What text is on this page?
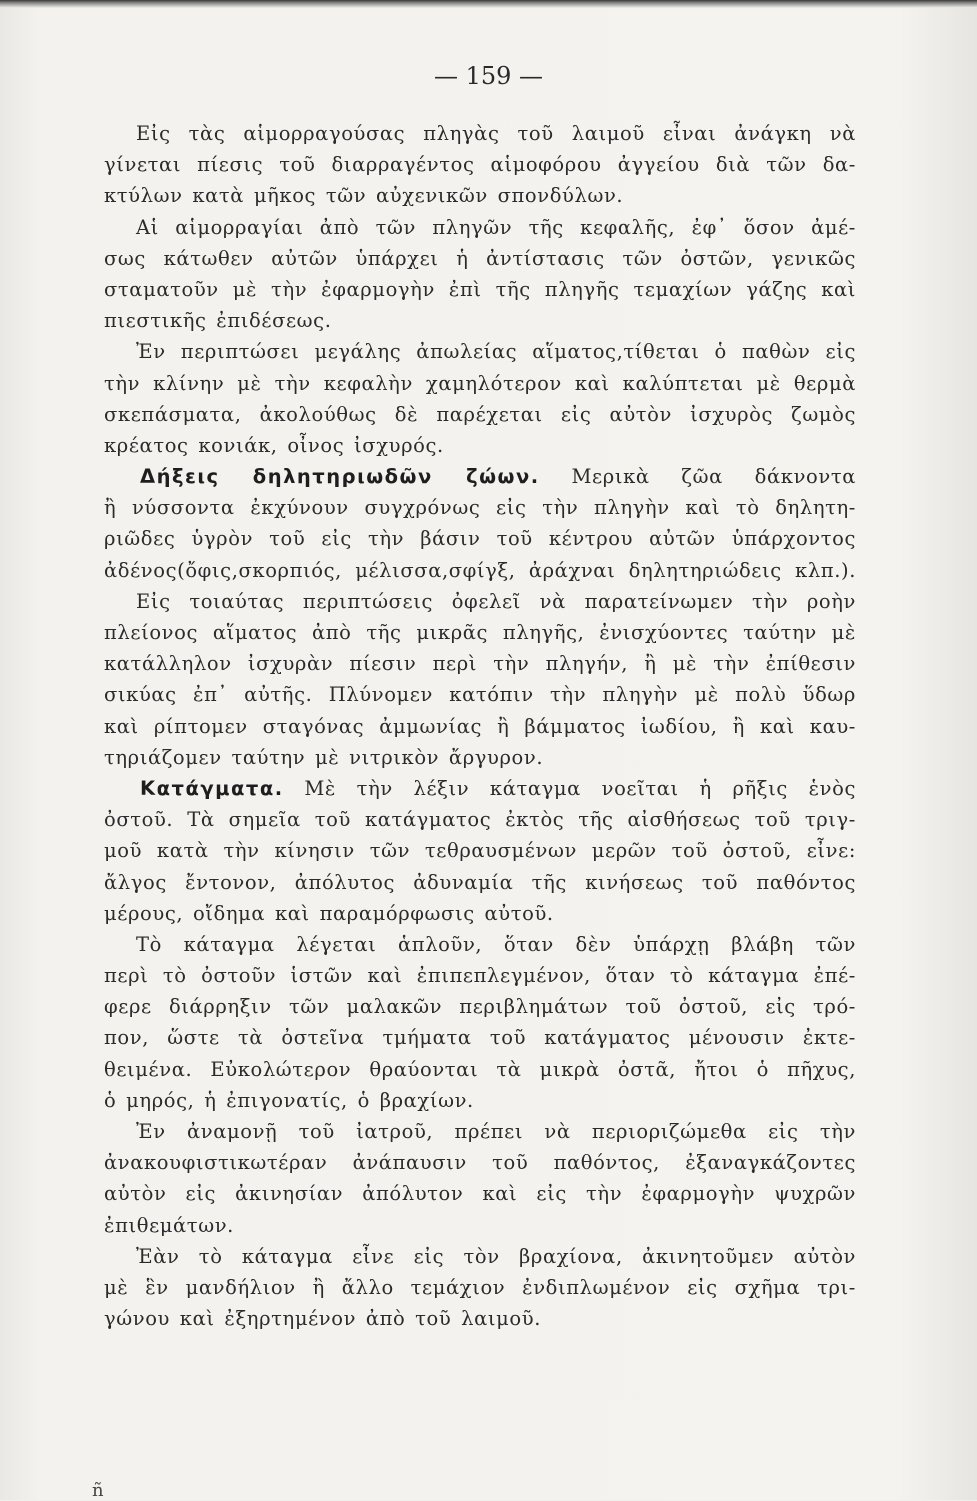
— 159 —
Εἰς τὰς αἱμορραγούσας πληγὰς τοῦ λαιμοῦ εἶναι ἀνάγκη νὰ
γίνεται πίεσις τοῦ διαρραγέντος αἱμοφόρου ἀγγείου διὰ τῶν δα-
κτύλων κατὰ μῆκος τῶν αὐχενικῶν σπονδύλων.
Αἱ αἱμορραγίαι ἀπὸ τῶν πληγῶν τῆς κεφαλῆς, ἐφ᾽ ὅσον ἀμέ-
σως κάτωθεν αὐτῶν ὑπάρχει ἡ ἀντίστασις τῶν ὀστῶν, γενικῶς
σταματοῦν μὲ τὴν ἐφαρμογὴν ἐπὶ τῆς πληγῆς τεμαχίων γάζης καὶ
πιεστικῆς ἐπιδέσεως.
Ἐν περιπτώσει μεγάλης ἀπωλείας αἵματος,τίθεται ὁ παθὼν εἰς
τὴν κλίνην μὲ τὴν κεφαλὴν χαμηλότερον καὶ καλύπτεται μὲ θερμὰ
σκεπάσματα, ἀκολούθως δὲ παρέχεται εἰς αὐτὸν ἰσχυρὸς ζωμὸς
κρέατος κονιάκ, οἶνος ἰσχυρός.
Δήξεις δηλητηριωδῶν ζώων. Μερικὰ ζῶα δάκνοντα
ἢ νύσσοντα ἐκχύνουν συγχρόνως εἰς τὴν πληγὴν καὶ τὸ δηλητη-
ριῶδες ὑγρὸν τοῦ εἰς τὴν βάσιν τοῦ κέντρου αὐτῶν ὑπάρχοντος
ἀδένος(ὄφις,σκορπιός, μέλισσα,σφίγξ, ἀράχναι δηλητηριώδεις κλπ.).
Εἰς τοιαύτας περιπτώσεις ὀφελεῖ νὰ παρατείνωμεν τὴν ροὴν
πλείονος αἵματος ἀπὸ τῆς μικρᾶς πληγῆς, ἐνισχύοντες ταύτην μὲ
κατάλληλον ἰσχυρὰν πίεσιν περὶ τὴν πληγήν, ἢ μὲ τὴν ἐπίθεσιν
σικύας ἐπ᾽ αὐτῆς. Πλύνομεν κατόπιν τὴν πληγὴν μὲ πολὺ ὕδωρ
καὶ ρίπτομεν σταγόνας ἀμμωνίας ἢ βάμματος ἰωδίου, ἢ καὶ καυ-
τηριάζομεν ταύτην μὲ νιτρικὸν ἄργυρον.
Κατάγματα. Μὲ τὴν λέξιν κάταγμα νοεῖται ἡ ρῆξις ἑνὸς
ὀστοῦ. Τὰ σημεῖα τοῦ κατάγματος ἐκτὸς τῆς αἰσθήσεως τοῦ τριγ-
μοῦ κατὰ τὴν κίνησιν τῶν τεθραυσμένων μερῶν τοῦ ὀστοῦ, εἶνε:
ἄλγος ἔντονον, ἀπόλυτος ἀδυναμία τῆς κινήσεως τοῦ παθόντος
μέρους, οἴδημα καὶ παραμόρφωσις αὐτοῦ.
Τὸ κάταγμα λέγεται ἁπλοῦν, ὅταν δὲν ὑπάρχῃ βλάβη τῶν
περὶ τὸ ὀστοῦν ἱστῶν καὶ ἐπιπεπλεγμένον, ὅταν τὸ κάταγμα ἐπέ-
φερε διάρρηξιν τῶν μαλακῶν περιβλημάτων τοῦ ὀστοῦ, εἰς τρό-
πον, ὥστε τὰ ὀστεῖνα τμήματα τοῦ κατάγματος μένουσιν ἐκτε-
θειμένα. Εὐκολώτερον θραύονται τὰ μικρὰ ὀστᾶ, ἤτοι ὁ πῆχυς,
ὁ μηρός, ἡ ἐπιγονατίς, ὁ βραχίων.
Ἐν ἀναμονῇ τοῦ ἰατροῦ, πρέπει νὰ περιοριζώμεθα εἰς τὴν
ἀνακουφιστικωτέραν ἀνάπαυσιν τοῦ παθόντος, ἐξαναγκάζοντες
αὐτὸν εἰς ἀκινησίαν ἀπόλυτον καὶ εἰς τὴν ἐφαρμογὴν ψυχρῶν
ἐπιθεμάτων.
Ἐὰν τὸ κάταγμα εἶνε εἰς τὸν βραχίονα, ἀκινητοῦμεν αὐτὸν
μὲ ἓν μανδήλιον ἢ ἄλλο τεμάχιον ἐνδιπλωμένον εἰς σχῆμα τρι-
γώνου καὶ ἐξηρτημένον ἀπὸ τοῦ λαιμοῦ.
ñ
